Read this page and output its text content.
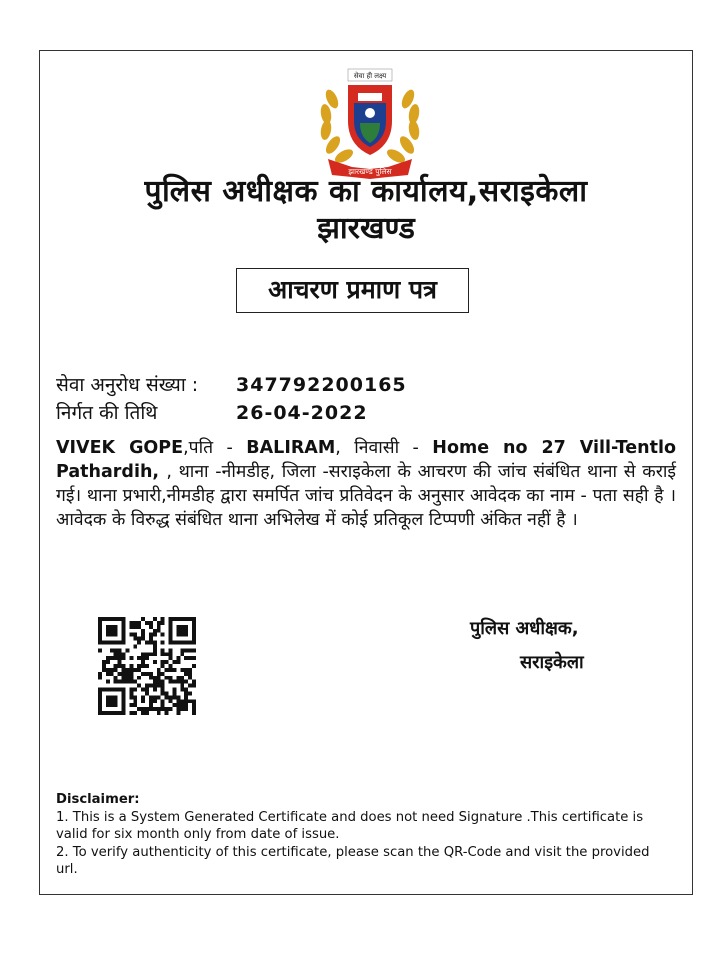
सेवा ही लक्ष्य
झारखण्ड पुलिस
पुलिस अधीक्षक का कार्यालय,सराइकेला
झारखण्ड
आचरण प्रमाण पत्र
सेवा अनुरोध संख्या : 347792200165
निर्गत की तिथि	26-04-2022
VIVEK GOPE,पति - BALIRAM, निवासी - Home no 27 Vill-Tentlo Pathardih, , थाना -नीमडीह, जिला -सराइकेला के आचरण की जांच संबंधित थाना से कराई गई। थाना प्रभारी,नीमडीह द्वारा समर्पित जांच प्रतिवेदन के अनुसार आवेदक का नाम - पता सही है । आवेदक के विरुद्ध संबंधित थाना अभिलेख में कोई प्रतिकूल टिप्पणी अंकित नहीं है ।
पुलिस अधीक्षक,
सराइकेला
Disclaimer:
1. This is a System Generated Certificate and does not need Signature .This certificate is valid for six month only from date of issue.
2. To verify authenticity of this certificate, please scan the QR-Code and visit the provided url.
